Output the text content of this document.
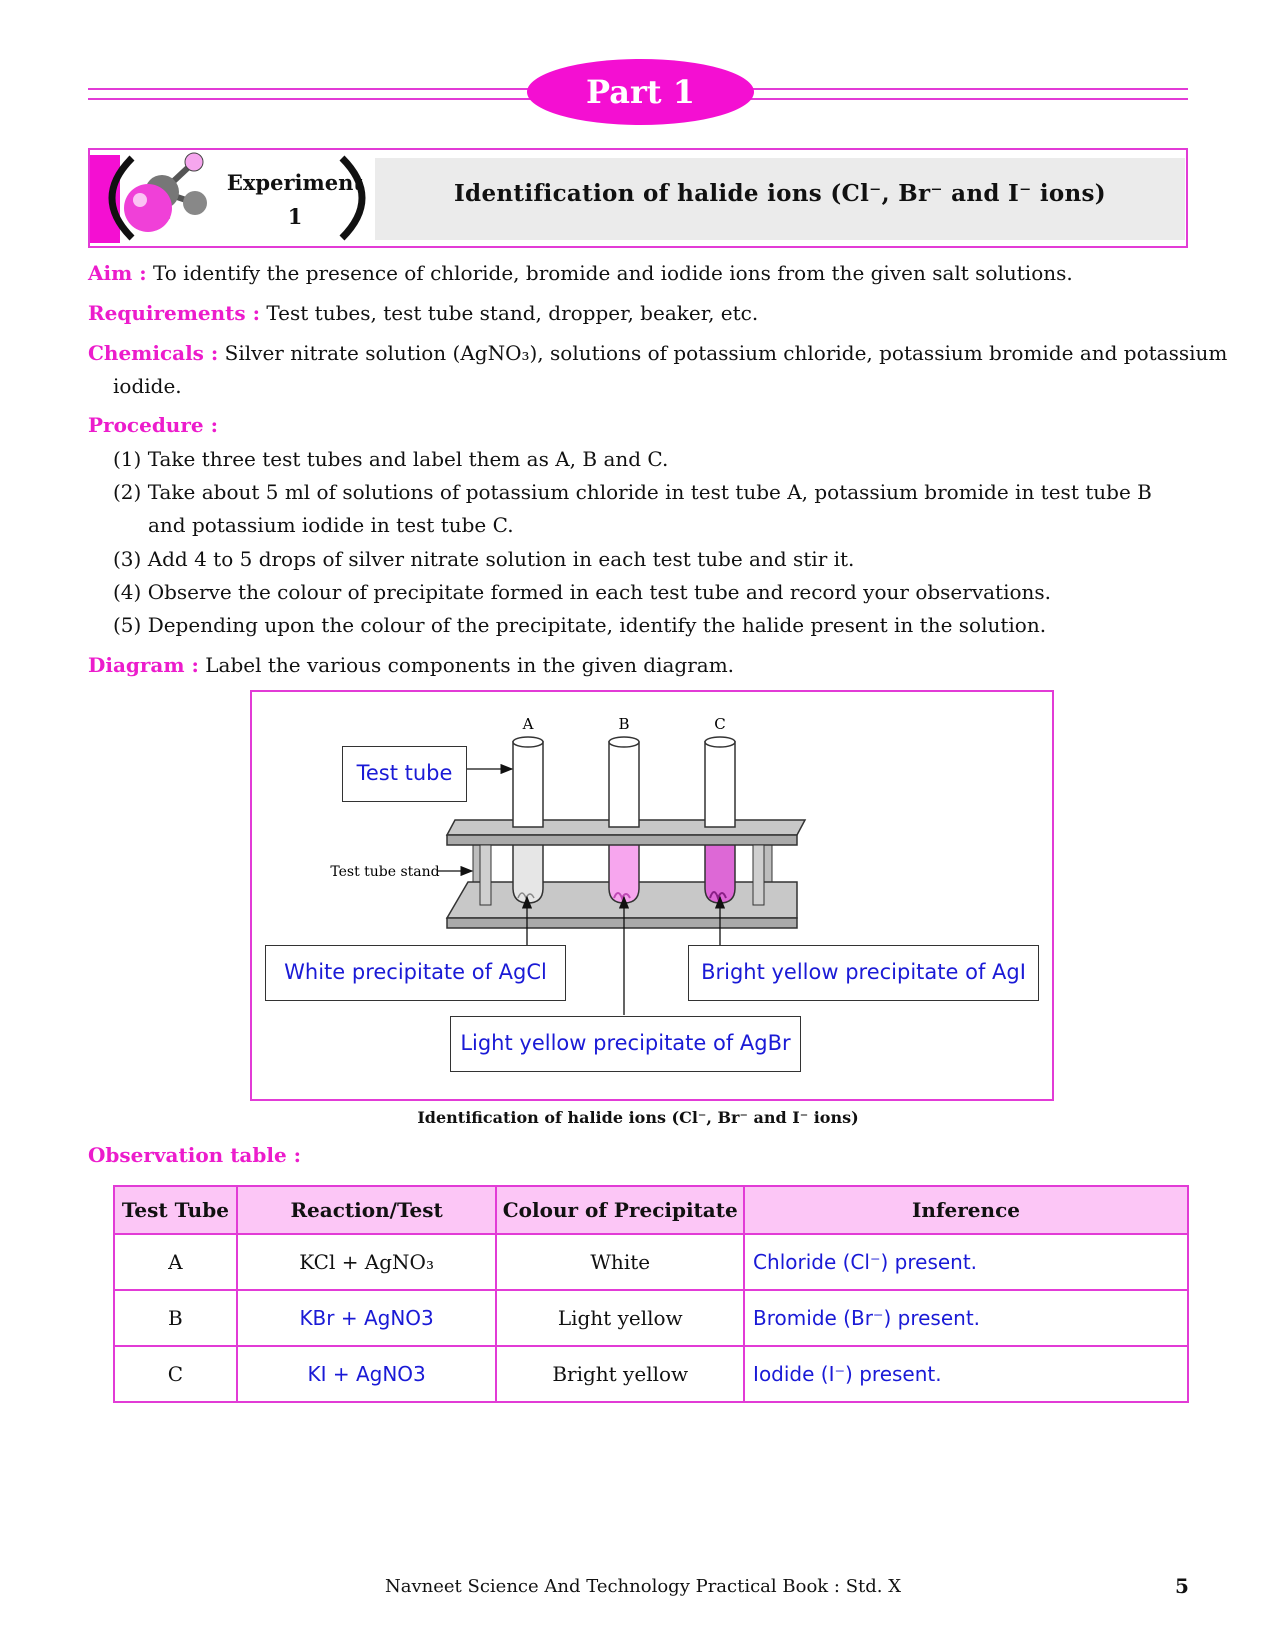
Part 1
Experiment
1
Identification of halide ions (Cl⁻, Br⁻ and I⁻ ions)
Aim : To identify the presence of chloride, bromide and iodide ions from the given salt solutions.
Requirements : Test tubes, test tube stand, dropper, beaker, etc.
Chemicals : Silver nitrate solution (AgNO₃), solutions of potassium chloride, potassium bromide and potassium
iodide.
Procedure :
(1) Take three test tubes and label them as A, B and C.
(2) Take about 5 ml of solutions of potassium chloride in test tube A, potassium bromide in test tube B
and potassium iodide in test tube C.
(3) Add 4 to 5 drops of silver nitrate solution in each test tube and stir it.
(4) Observe the colour of precipitate formed in each test tube and record your observations.
(5) Depending upon the colour of the precipitate, identify the halide present in the solution.
Diagram : Label the various components in the given diagram.
A	B	C
Test tube stand
Test tube
White precipitate of AgCl	Bright yellow precipitate of AgI
Light yellow precipitate of AgBr
Identification of halide ions (Cl⁻, Br⁻ and I⁻ ions)
Observation table :
Test Tube	Reaction/Test	Colour of Precipitate	Inference
A	KCl + AgNO₃	White	Chloride (Cl⁻) present.
B	KBr + AgNO3	Light yellow	Bromide (Br⁻) present.
C	KI + AgNO3	Bright yellow	Iodide (I⁻) present.
Navneet Science And Technology Practical Book : Std. X	5
